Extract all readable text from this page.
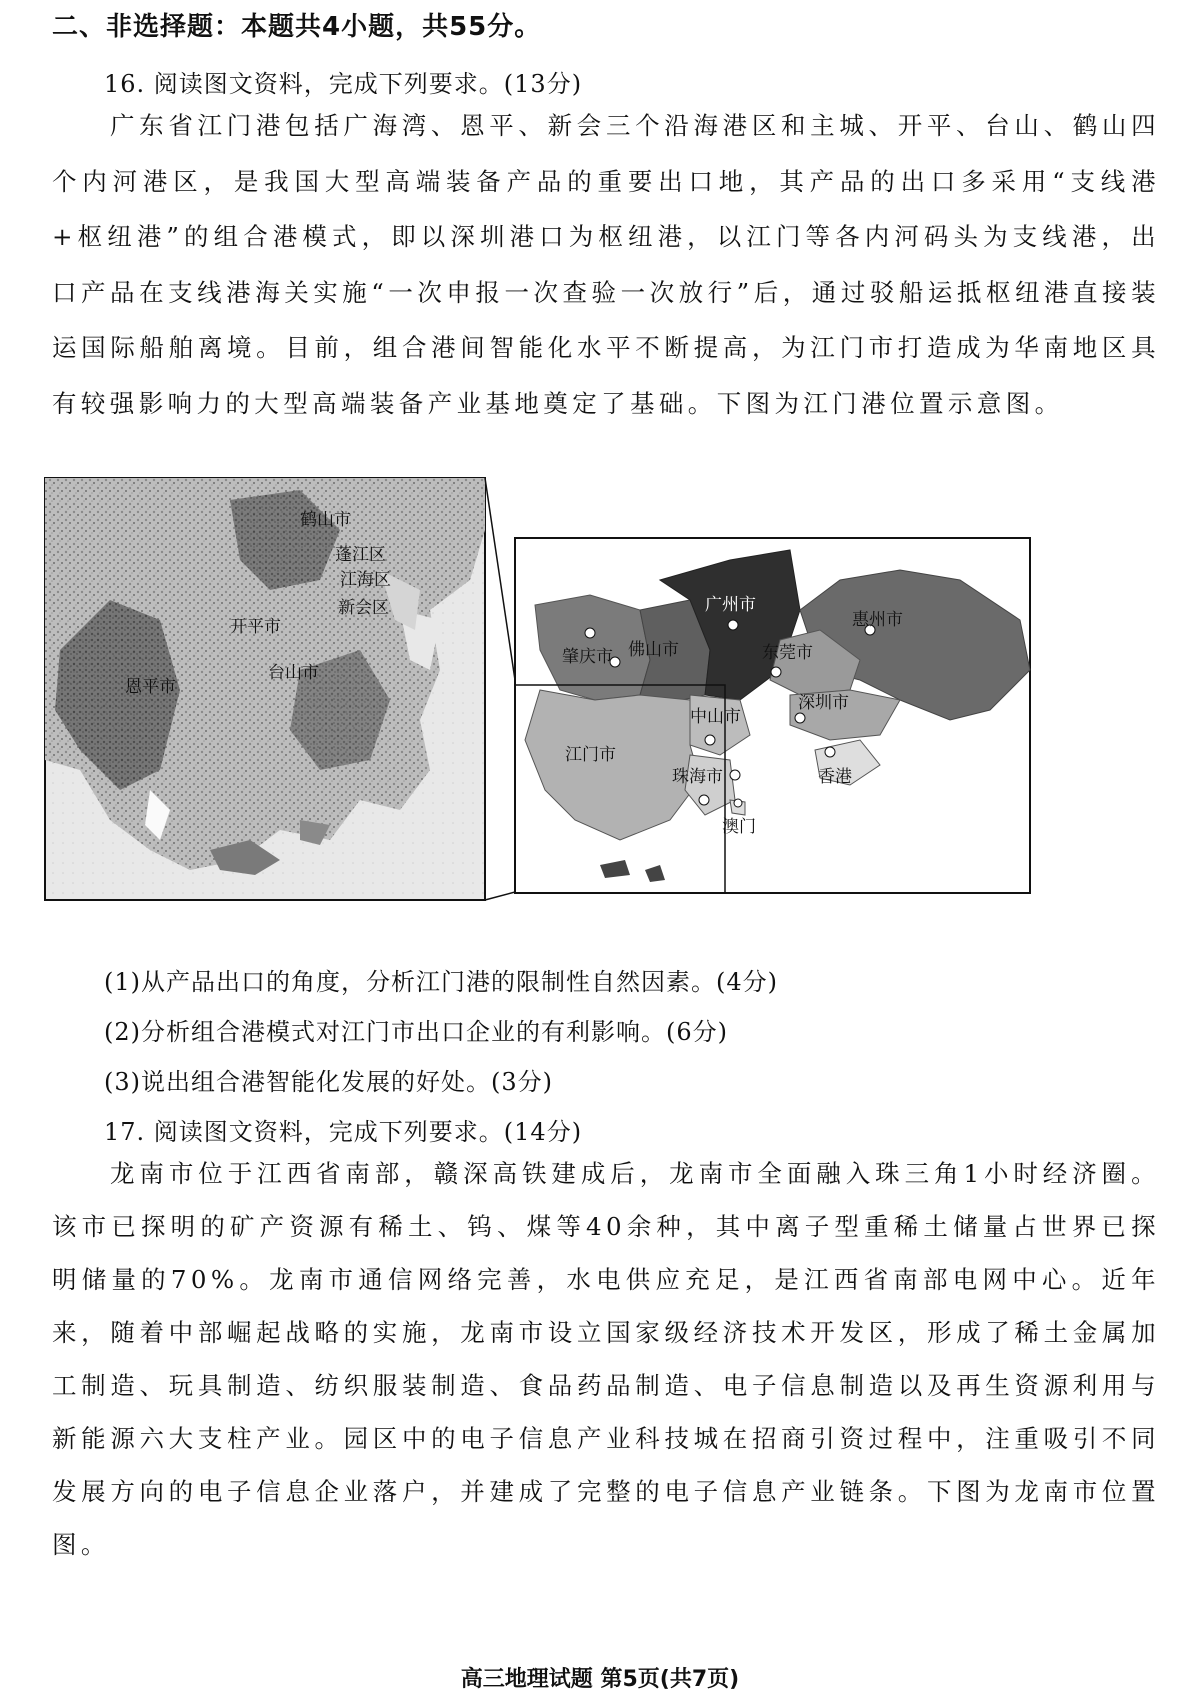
二、非选择题：本题共4小题，共55分。
16. 阅读图文资料，完成下列要求。(13分)

广东省江门港包括广海湾、恩平、新会三个沿海港区和主城、开平、台山、鹤山四个内河港区，是我国大型高端装备产品的重要出口地，其产品的出口多采用“支线港+枢纽港”的组合港模式，即以深圳港口为枢纽港，以江门等各内河码头为支线港，出口产品在支线港海关实施“一次申报一次查验一次放行”后，通过驳船运抵枢纽港直接装运国际船舶离境。目前，组合港间智能化水平不断提高，为江门市打造成为华南地区具有较强影响力的大型高端装备产业基地奠定了基础。下图为江门港位置示意图。

鹤山市
蓬江区
江海区
新会区
开平市
台山市
恩平市
广州市
惠州市
肇庆市 佛山市	东莞市
深圳市
中山市
江门市
珠海市	香港
澳门
(1)从产品出口的角度，分析江门港的限制性自然因素。(4分)
(2)分析组合港模式对江门市出口企业的有利影响。(6分)
(3)说出组合港智能化发展的好处。(3分)
17. 阅读图文资料，完成下列要求。(14分)

龙南市位于江西省南部，赣深高铁建成后，龙南市全面融入珠三角1小时经济圈。该市已探明的矿产资源有稀土、钨、煤等40余种，其中离子型重稀土储量占世界已探明储量的70%。龙南市通信网络完善，水电供应充足，是江西省南部电网中心。近年来，随着中部崛起战略的实施，龙南市设立国家级经济技术开发区，形成了稀土金属加工制造、玩具制造、纺织服装制造、食品药品制造、电子信息制造以及再生资源利用与新能源六大支柱产业。园区中的电子信息产业科技城在招商引资过程中，注重吸引不同发展方向的电子信息企业落户，并建成了完整的电子信息产业链条。下图为龙南市位置图。

高三地理试题 第5页(共7页)
